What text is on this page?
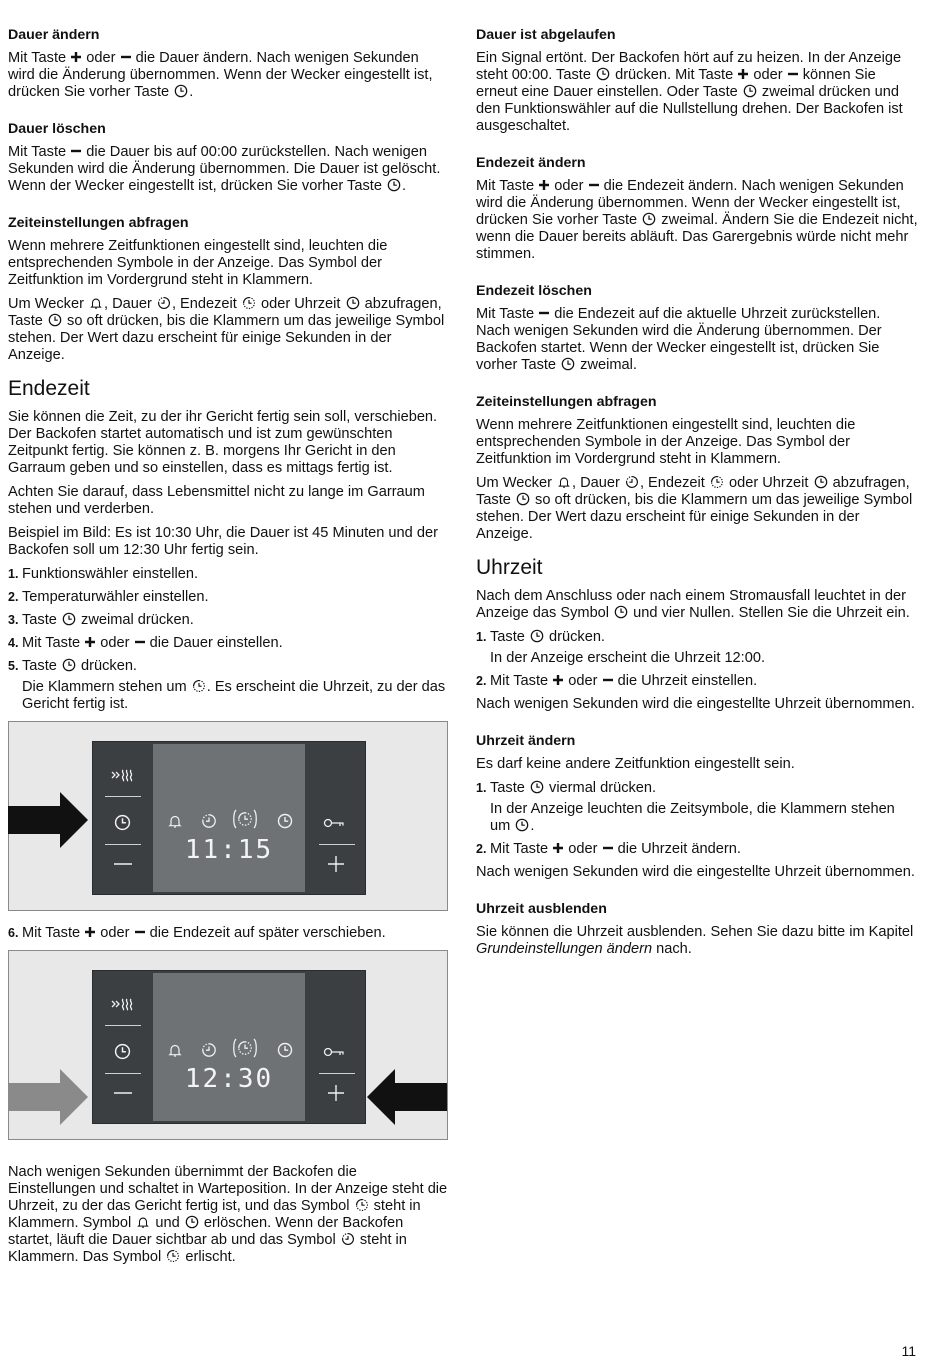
Dauer ändern

Mit Taste oder die Dauer ändern. Nach wenigen Sekunden wird die Änderung übernommen. Wenn der Wecker eingestellt ist, drücken Sie vorher Taste .

Dauer löschen

Mit Taste die Dauer bis auf 00:00 zurückstellen. Nach wenigen Sekunden wird die Änderung übernommen. Die Dauer ist gelöscht. Wenn der Wecker eingestellt ist, drücken Sie vorher Taste .

Zeiteinstellungen abfragen

Wenn mehrere Zeitfunktionen eingestellt sind, leuchten die entsprechenden Symbole in der Anzeige. Das Symbol der Zeitfunktion im Vordergrund steht in Klammern.

Um Wecker , Dauer , Endezeit oder Uhrzeit abzufragen, Taste so oft drücken, bis die Klammern um das jeweilige Symbol stehen. Der Wert dazu erscheint für einige Sekunden in der Anzeige.

Endezeit

Sie können die Zeit, zu der ihr Gericht fertig sein soll, verschieben. Der Backofen startet automatisch und ist zum gewünschten Zeitpunkt fertig. Sie können z. B. morgens Ihr Gericht in den Garraum geben und so einstellen, dass es mittags fertig ist.

Achten Sie darauf, dass Lebensmittel nicht zu lange im Garraum stehen und verderben.

Beispiel im Bild: Es ist 10:30 Uhr, die Dauer ist 45 Minuten und der Backofen soll um 12:30 Uhr fertig sein.

1. Funktionswähler einstellen.
2. Temperaturwähler einstellen.
3. Taste zweimal drücken.
4. Mit Taste oder die Dauer einstellen.
5. Taste drücken.
Die Klammern stehen um . Es erscheint die Uhrzeit, zu der das Gericht fertig ist.
11:15
6. Mit Taste oder die Endezeit auf später verschieben.
12:30

Nach wenigen Sekunden übernimmt der Backofen die Einstellungen und schaltet in Warteposition. In der Anzeige steht die Uhrzeit, zu der das Gericht fertig ist, und das Symbol steht in Klammern. Symbol und erlöschen. Wenn der Backofen startet, läuft die Dauer sichtbar ab und das Symbol steht in Klammern. Das Symbol erlischt.

Dauer ist abgelaufen

Ein Signal ertönt. Der Backofen hört auf zu heizen. In der Anzeige steht 00:00. Taste drücken. Mit Taste oder können Sie erneut eine Dauer einstellen. Oder Taste zweimal drücken und den Funktionswähler auf die Nullstellung drehen. Der Backofen ist ausgeschaltet.

Endezeit ändern

Mit Taste oder die Endezeit ändern. Nach wenigen Sekunden wird die Änderung übernommen. Wenn der Wecker eingestellt ist, drücken Sie vorher Taste zweimal. Ändern Sie die Endezeit nicht, wenn die Dauer bereits abläuft. Das Garergebnis würde nicht mehr stimmen.

Endezeit löschen

Mit Taste die Endezeit auf die aktuelle Uhrzeit zurückstellen. Nach wenigen Sekunden wird die Änderung übernommen. Der Backofen startet. Wenn der Wecker eingestellt ist, drücken Sie vorher Taste zweimal.

Zeiteinstellungen abfragen

Wenn mehrere Zeitfunktionen eingestellt sind, leuchten die entsprechenden Symbole in der Anzeige. Das Symbol der Zeitfunktion im Vordergrund steht in Klammern.

Um Wecker , Dauer , Endezeit oder Uhrzeit abzufragen, Taste so oft drücken, bis die Klammern um das jeweilige Symbol stehen. Der Wert dazu erscheint für einige Sekunden in der Anzeige.

Uhrzeit

Nach dem Anschluss oder nach einem Stromausfall leuchtet in der Anzeige das Symbol und vier Nullen. Stellen Sie die Uhrzeit ein.

1. Taste drücken.
In der Anzeige erscheint die Uhrzeit 12:00.
2. Mit Taste oder die Uhrzeit einstellen.

Nach wenigen Sekunden wird die eingestellte Uhrzeit übernommen.

Uhrzeit ändern

Es darf keine andere Zeitfunktion eingestellt sein.

1. Taste viermal drücken.
In der Anzeige leuchten die Zeitsymbole, die Klammern stehen um .
2. Mit Taste oder die Uhrzeit ändern.

Nach wenigen Sekunden wird die eingestellte Uhrzeit übernommen.

Uhrzeit ausblenden

Sie können die Uhrzeit ausblenden. Sehen Sie dazu bitte im Kapitel Grundeinstellungen ändern nach.

11
